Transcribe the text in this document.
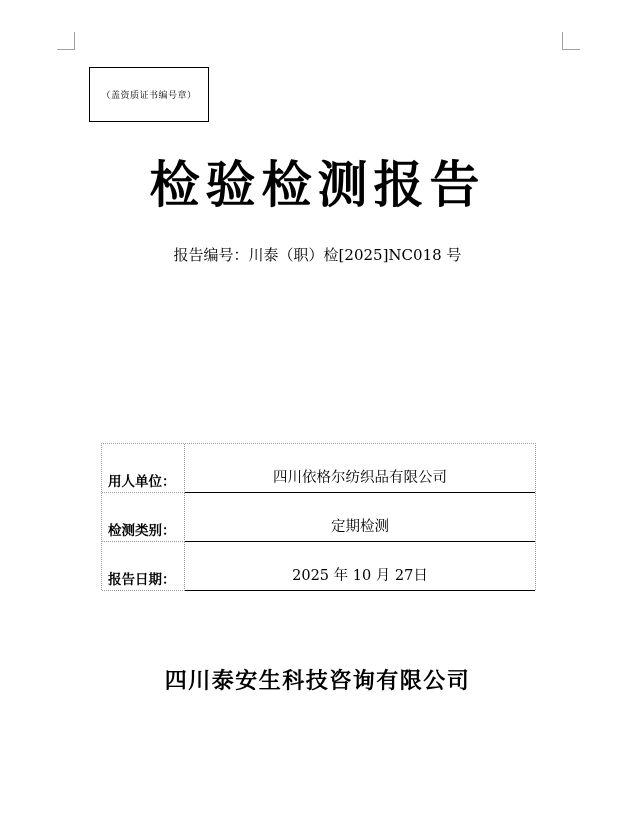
（盖资质证书编号章）
检验检测报告
报告编号：川泰（职）检[2025]NC018 号
用人单位：	四川依格尔纺织品有限公司
检测类别：	定期检测
报告日期：	2025 年 10 月 27日
四川泰安生科技咨询有限公司
